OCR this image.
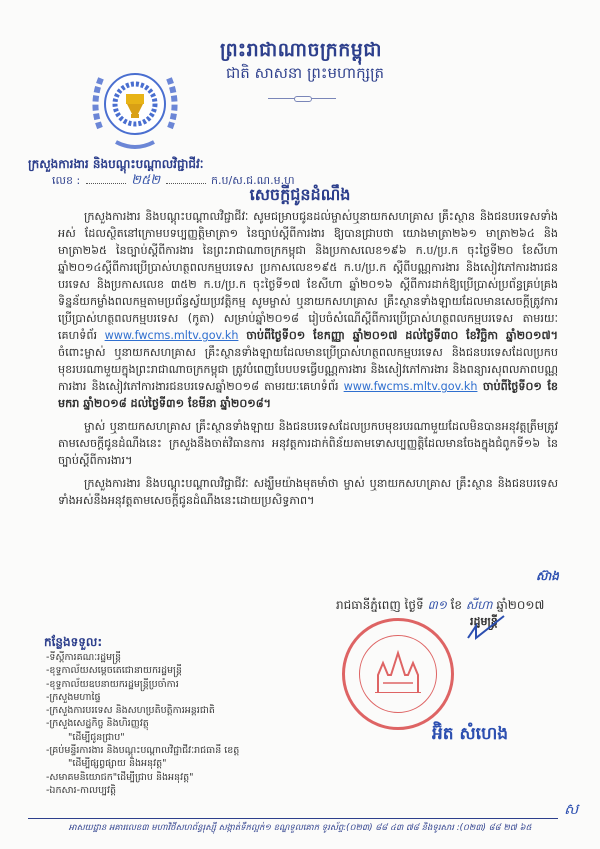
ព្រះរាជាណាចក្រកម្ពុជា
ជាតិ សាសនា ព្រះមហាក្សត្រ
ក្រសួងការងារ និងបណ្តុះបណ្តាលវិជ្ជាជីវៈ
លេខ :	២៥២	ក.ប/ស.ជ.ណ.ម.ហ
សេចក្តីជូនដំណឹង

ក្រសួងការងារ និងបណ្តុះបណ្តាលវិជ្ជាជីវៈ សូមជម្រាបជូនដល់ម្ចាស់ឬនាយកសហគ្រាស គ្រឹះស្ថាន និងជនបរទេសទាំងអស់ ដែលស្ថិតនៅក្រោមបទប្បញ្ញត្តិមាត្រា១ នៃច្បាប់ស្តីពីការងារ ឱ្យបានជ្រាបថា យោងមាត្រា២៦១ មាត្រា២៦៤ និងមាត្រា២៦៥ នៃច្បាប់ស្តីពីការងារ នៃព្រះរាជាណាចក្រកម្ពុជា និងប្រកាសលេខ១៩៦ ក.ប/ប្រ.ក ចុះថ្ងៃទី២០ ខែសីហា ឆ្នាំ២០១៤ស្តីពីការប្រើប្រាស់ហត្ថពលកម្មបរទេស ប្រកាសលេខ១៩៥ ក.ប/ប្រ.ក ស្តីពីបណ្ណការងារ និងសៀវភៅការងារជនបរទេស និងប្រកាសលេខ ៣៥២ ក.ប/ប្រ.ក ចុះថ្ងៃទី១៧ ខែសីហា ឆ្នាំ២០១៦ ស្តីពីការដាក់ឱ្យប្រើប្រាស់ប្រព័ន្ធគ្រប់គ្រង ទិន្នន័យកម្លាំងពលកម្មតាមប្រព័ន្ធស្វ័យប្រវត្តិកម្ម សូមម្ចាស់ ឬនាយកសហគ្រាស គ្រឹះស្ថានទាំងឡាយដែលមានសេចក្តីត្រូវការប្រើប្រាស់ហត្ថពលកម្មបរទេស (កូតា) សម្រាប់ឆ្នាំ២០១៨ រៀបចំសំណើស្តីពីការប្រើប្រាស់ហត្ថពលកម្មបរទេស តាមរយៈគេហទំព័រ www.fwcms.mltv.gov.kh ចាប់ពីថ្ងៃទី០១ ខែកញ្ញា ឆ្នាំ២០១៧ ដល់ថ្ងៃទី៣០ ខែវិច្ឆិកា ឆ្នាំ២០១៧។ ចំពោះម្ចាស់ ឬនាយកសហគ្រាស គ្រឹះស្ថានទាំងឡាយដែលមានប្រើប្រាស់ហត្ថពលកម្មបរទេស និងជនបរទេសដែលប្រកបមុខរបរណាមួយក្នុងព្រះរាជាណាចក្រកម្ពុជា ត្រូវបំពេញបែបបទធ្វើបណ្ណការងារ និងសៀវភៅការងារ និងពន្យារសុពលភាពបណ្ណការងារ និងសៀវភៅការងារជនបរទេសឆ្នាំ២០១៨ តាមរយៈគេហទំព័រ www.fwcms.mltv.gov.kh ចាប់ពីថ្ងៃទី០១ ខែមករា ឆ្នាំ២០១៨ ដល់ថ្ងៃទី៣១ ខែមីនា ឆ្នាំ២០១៨។

ម្ចាស់ ឬនាយកសហគ្រាស គ្រឹះស្ថានទាំងឡាយ និងជនបរទេសដែលប្រកបមុខរបរណាមួយដែលមិនបានអនុវត្តត្រឹមត្រូវតាមសេចក្តីជូនដំណឹងនេះ ក្រសួងនឹងចាត់វិធានការ អនុវត្តការដាក់ពិន័យតាមទោសប្បញ្ញត្តិដែលមានចែងក្នុងជំពូកទី១៦ នៃច្បាប់ស្តីពីការងារ។

ក្រសួងការងារ និងបណ្តុះបណ្តាលវិជ្ជាជីវៈ សង្ឃឹមយ៉ាងមុតមាំថា ម្ចាស់ ឬនាយកសហគ្រាស គ្រឹះស្ថាន និងជនបរទេសទាំងអស់នឹងអនុវត្តតាមសេចក្តីជូនដំណឹងនេះដោយប្រសិទ្ធភាព។

ស៊ាង
រាជធានីភ្នំពេញ ថ្ងៃទី ៣១ ខែ សីហា ឆ្នាំ២០១៧
រដ្ឋមន្ត្រី
អ៊ិត សំហេង
កន្លែងទទួល:
-ទីស្តីការគណៈរដ្ឋមន្ត្រី
-ខុទ្ទកាល័យសម្តេចតេជោនាយករដ្ឋមន្ត្រី
-ខុទ្ទកាល័យឧបនាយករដ្ឋមន្ត្រីប្រចាំការ
-ក្រសួងមហាផ្ទៃ
-ក្រសួងការបរទេស និងសហប្រតិបត្តិការអន្តរជាតិ
-ក្រសួងសេដ្ឋកិច្ច និងហិរញ្ញវត្ថុ
"ដើម្បីជូនជ្រាប"
-គ្រប់មន្ទីរការងារ និងបណ្តុះបណ្តាលវិជ្ជាជីវៈរាជធានី ខេត្ត
"ដើម្បីផ្សព្វផ្សាយ និងអនុវត្ត"
-សមាគមនិយោជក"ដើម្បីជ្រាប និងអនុវត្ត"
-ឯកសារ-កាលប្បវត្តិ
ស
អាសយដ្ឋាន អគារលេខ៣ មហាវិថីសហព័ន្ធរុស្ស៊ី សង្កាត់ទឹកល្អក់១ ខណ្ឌទួលគោក ទូរស័ព្ទ:(០២៣) ៨៨ ៤៣ ៧៨ និងទូរសារ :(០២៣) ៨៨ ២៧ ៦៥
